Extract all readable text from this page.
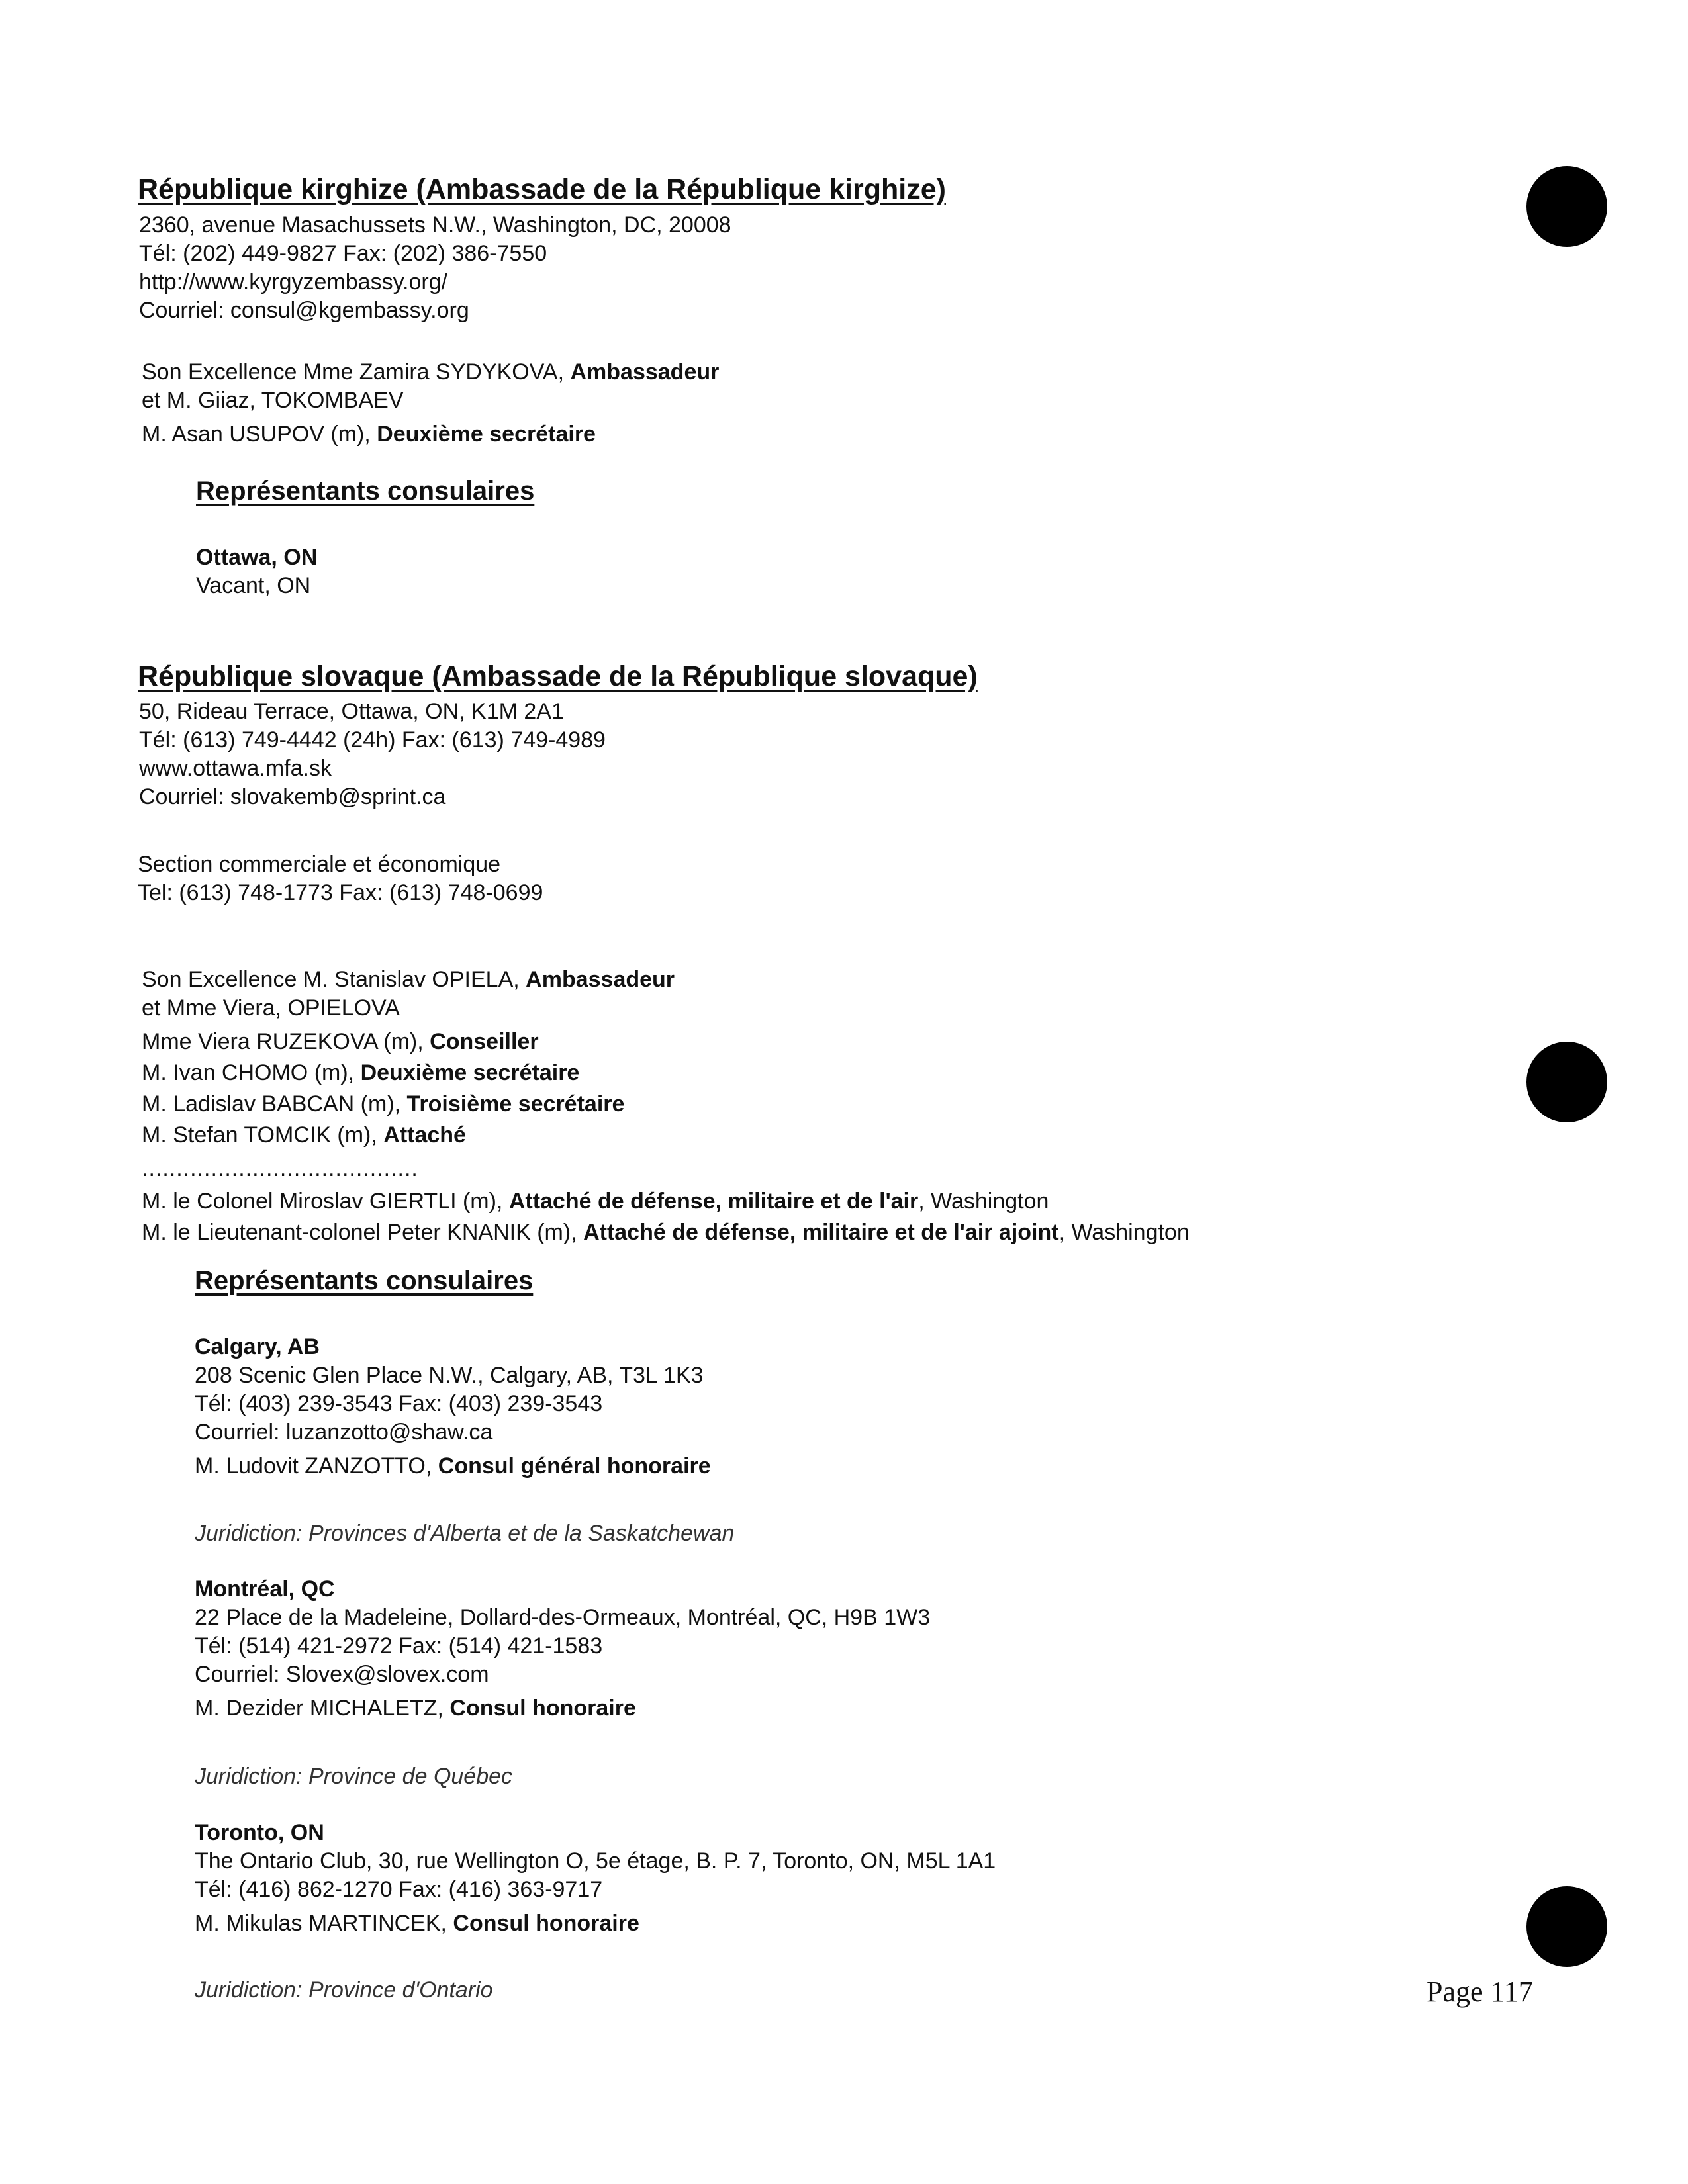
République kirghize (Ambassade de la République kirghize)
2360, avenue Masachussets N.W., Washington, DC, 20008
Tél: (202) 449-9827 Fax: (202) 386-7550
http://www.kyrgyzembassy.org/
Courriel: consul@kgembassy.org
Son Excellence Mme Zamira SYDYKOVA, Ambassadeur
et M. Giiaz, TOKOMBAEV
M. Asan USUPOV (m), Deuxième secrétaire
Représentants consulaires
Ottawa, ON
Vacant, ON
République slovaque (Ambassade de la République slovaque)
50, Rideau Terrace, Ottawa, ON, K1M 2A1
Tél: (613) 749-4442 (24h) Fax: (613) 749-4989
www.ottawa.mfa.sk
Courriel: slovakemb@sprint.ca
Section commerciale et économique
Tel: (613) 748-1773 Fax: (613) 748-0699
Son Excellence M. Stanislav OPIELA, Ambassadeur
et Mme Viera, OPIELOVA
Mme Viera RUZEKOVA (m), Conseiller
M. Ivan CHOMO (m), Deuxième secrétaire
M. Ladislav BABCAN (m), Troisième secrétaire
M. Stefan TOMCIK (m), Attaché
........................................
M. le Colonel Miroslav GIERTLI (m), Attaché de défense, militaire et de l'air, Washington
M. le Lieutenant-colonel Peter KNANIK (m), Attaché de défense, militaire et de l'air ajoint, Washington
Représentants consulaires
Calgary, AB
208 Scenic Glen Place N.W., Calgary, AB, T3L 1K3
Tél: (403) 239-3543 Fax: (403) 239-3543
Courriel: luzanzotto@shaw.ca
M. Ludovit ZANZOTTO, Consul général honoraire
Juridiction: Provinces d'Alberta et de la Saskatchewan
Montréal, QC
22 Place de la Madeleine, Dollard-des-Ormeaux, Montréal, QC, H9B 1W3
Tél: (514) 421-2972 Fax: (514) 421-1583
Courriel: Slovex@slovex.com
M. Dezider MICHALETZ, Consul honoraire
Juridiction: Province de Québec
Toronto, ON
The Ontario Club, 30, rue Wellington O, 5e étage, B. P. 7, Toronto, ON, M5L 1A1
Tél: (416) 862-1270 Fax: (416) 363-9717
M. Mikulas MARTINCEK, Consul honoraire
Juridiction: Province d'Ontario	Page 117
